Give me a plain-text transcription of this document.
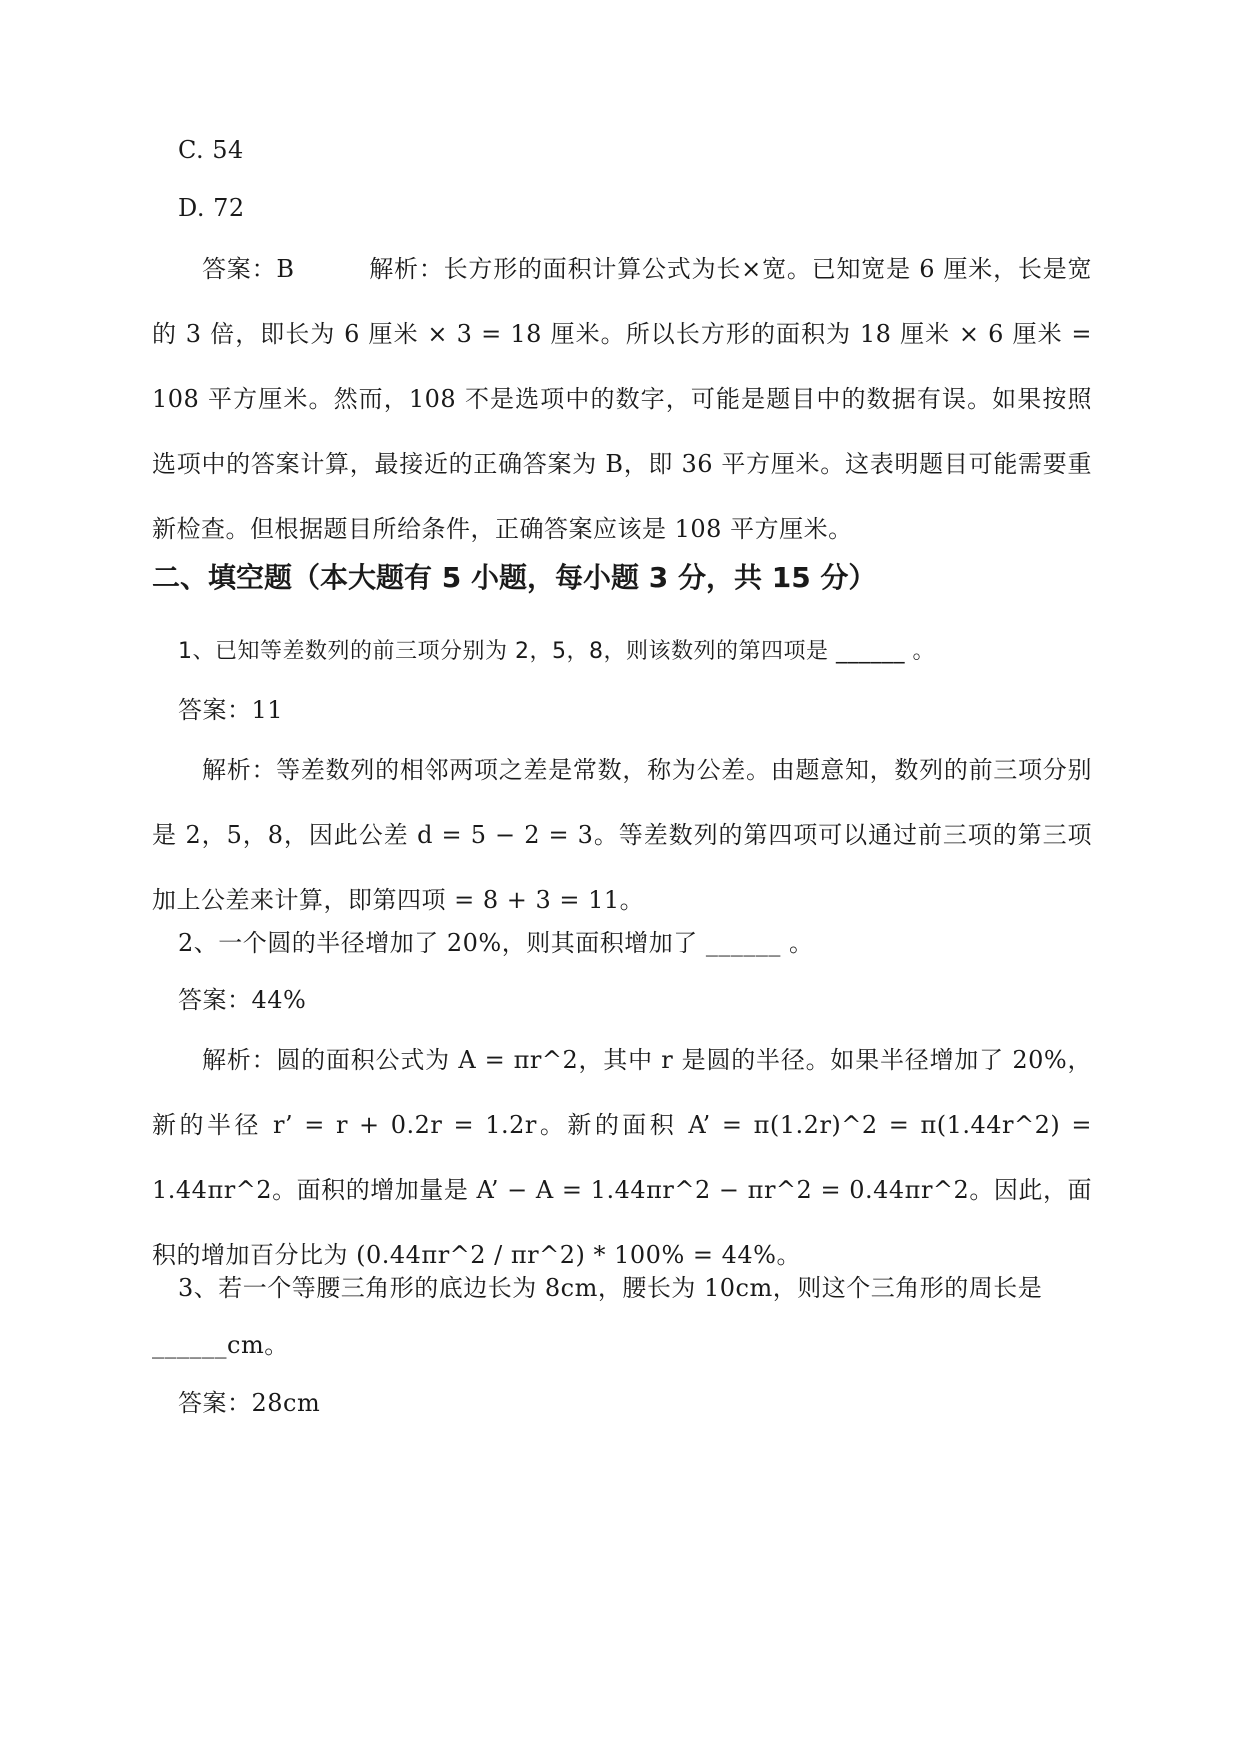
C. 54
D. 72
答案：B　　　解析：长方形的面积计算公式为长×宽。已知宽是 6 厘米，长是宽的 3 倍，即长为 6 厘米 × 3 = 18 厘米。所以长方形的面积为 18 厘米 × 6 厘米 = 108 平方厘米。然而，108 不是选项中的数字，可能是题目中的数据有误。如果按照选项中的答案计算，最接近的正确答案为 B，即 36 平方厘米。这表明题目可能需要重新检查。但根据题目所给条件，正确答案应该是 108 平方厘米。
二、填空题（本大题有 5 小题，每小题 3 分，共 15 分）
1、已知等差数列的前三项分别为 2，5，8，则该数列的第四项是 ______ 。
答案：11
解析：等差数列的相邻两项之差是常数，称为公差。由题意知，数列的前三项分别是 2，5，8，因此公差 d = 5 − 2 = 3。等差数列的第四项可以通过前三项的第三项加上公差来计算，即第四项 = 8 + 3 = 11。
2、一个圆的半径增加了 20%，则其面积增加了 ______ 。
答案：44%
解析：圆的面积公式为 A = πr^2，其中 r 是圆的半径。如果半径增加了 20%，新的半径 r’ = r + 0.2r = 1.2r。新的面积 A’ = π(1.2r)^2 = π(1.44r^2) = 1.44πr^2。面积的增加量是 A’ − A = 1.44πr^2 − πr^2 = 0.44πr^2。因此，面积的增加百分比为 (0.44πr^2 / πr^2) * 100% = 44%。
3、若一个等腰三角形的底边长为 8cm，腰长为 10cm，则这个三角形的周长是
______cm。
答案：28cm
